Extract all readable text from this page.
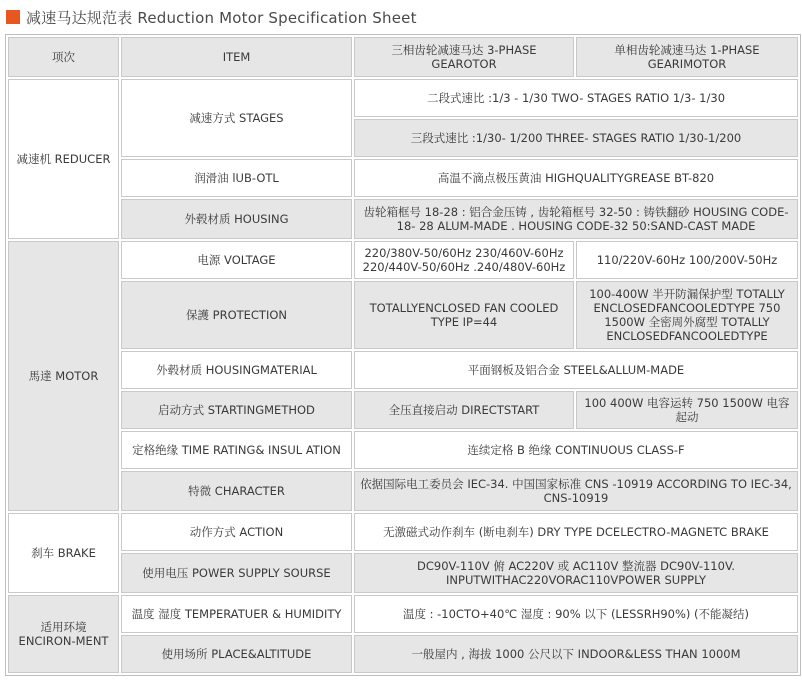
减速马达规范表 Reduction Motor Specification Sheet
项次	ITEM	三相齿轮减速马达 3-PHASE GEAROTOR	单相齿轮减速马达 1-PHASE GEARIMOTOR
减速机 REDUCER	减速方式 STAGES	二段式速比 :1/3 - 1/30 TWO- STAGES RATIO 1/3- 1/30	
		三段式速比 :1/30- 1/200 THREE- STAGES RATIO 1/30-1/200	
	润滑油 lUB-OTL	高温不滴点极压黄油 HIGHQUALITYGREASE BT-820	
	外毂材质 HOUSING	齿轮箱框号 18-28 : 铝合金压铸 , 齿轮箱框号 32-50 : 铸铁翻砂 HOUSING CODE-18- 28 ALUM-MADE . HOUSING CODE-32 50:SAND-CAST MADE	
馬達 MOTOR	电源 VOLTAGE	220/380V-50/60Hz 230/460V-60Hz 220/440V-50/60Hz .240/480V-60Hz	110/220V-60Hz 100/200V-50Hz
	保護 PROTECTION	TOTALLYENCLOSED FAN COOLED TYPE IP=44	100-400W 半开防漏保护型 TOTALLY ENCLOSEDFANCOOLEDTYPE 750 1500W 全密周外腐型 TOTALLY ENCLOSEDFANCOOLEDTYPE
	外毂材质 HOUSINGMATERIAL	平面钢板及铝合金 STEEL&ALLUM-MADE	
	启动方式 STARTINGMETHOD	全压直接启动 DIRECTSTART	100 400W 电容运转 750 1500W 电容起动
	定格绝缘 TIME RATING& INSUL ATION	连续定格 B 绝缘 CONTINUOUS CLASS-F	
	特微 CHARACTER	依据国际电工委员会 IEC-34. 中国国家标准 CNS -10919 ACCORDING TO IEC-34, CNS-10919	
刹车 BRAKE	动作方式 ACTION	无激磁式动作刹车 (断电刹车) DRY TYPE DCELECTRO-MAGNETC BRAKE	
	使用电压 POWER SUPPLY SOURSE	DC90V-110V 俯 AC220V 或 AC110V 整流器 DC90V-110V. INPUTWITHAC220VORAC110VPOWER SUPPLY	
适用环境 ENCIRON-MENT	温度 湿度 TEMPERATUER & HUMIDITY	温度 : -10CTO+40℃ 湿度 : 90% 以下 (LESSRH90%) (不能凝结)	
	使用场所 PLACE&ALTITUDE	一般屋内 , 海拔 1000 公尺以下 INDOOR&LESS THAN 1000M	
